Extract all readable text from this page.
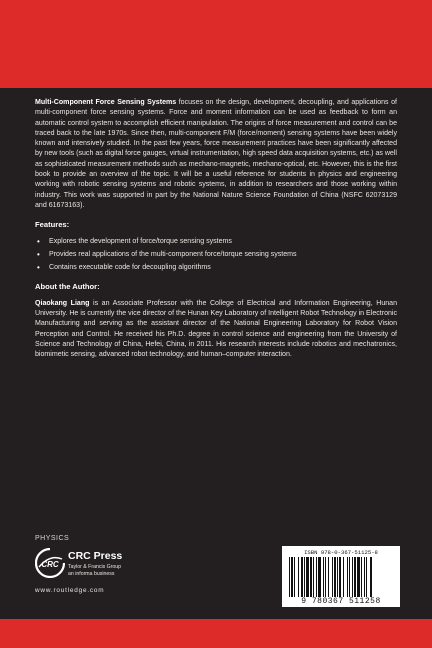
Multi-Component Force Sensing Systems focuses on the design, development, decoupling, and applications of multi-component force sensing systems. Force and moment information can be used as feedback to form an automatic control system to accomplish efficient manipulation. The origins of force measurement and control can be traced back to the late 1970s. Since then, multi-component F/M (force/moment) sensing systems have been widely known and intensively studied. In the past few years, force measurement practices have been significantly affected by new tools (such as digital force gauges, virtual instrumentation, high speed data acquisition systems, etc.) as well as sophisticated measurement methods such as mechano-magnetic, mechano-optical, etc. However, this is the first book to provide an overview of the topic. It will be a useful reference for students in physics and engineering working with robotic sensing systems and robotic systems, in addition to researchers and those working within industry. This work was supported in part by the National Nature Science Foundation of China (NSFC 62073129 and 61673163).

Features:
• Explores the development of force/torque sensing systems
• Provides real applications of the multi-component force/torque sensing systems
• Contains executable code for decoupling algorithms
About the Author:

Qiaokang Liang is an Associate Professor with the College of Electrical and Information Engineering, Hunan University. He is currently the vice director of the Hunan Key Laboratory of Intelligent Robot Technology in Electronic Manufacturing and serving as the assistant director of the National Engineering Laboratory for Robot Vision Perception and Control. He received his Ph.D. degree in control science and engineering from the University of Science and Technology of China, Hefei, China, in 2011. His research interests include robotics and mechatronics, biomimetic sensing, advanced robot technology, and human–computer interaction.

PHYSICS
CRC
CRC Press
Taylor & Francis Group
an informa business
www.routledge.com
ISBN 978-0-367-51125-8
9 780367 511258
